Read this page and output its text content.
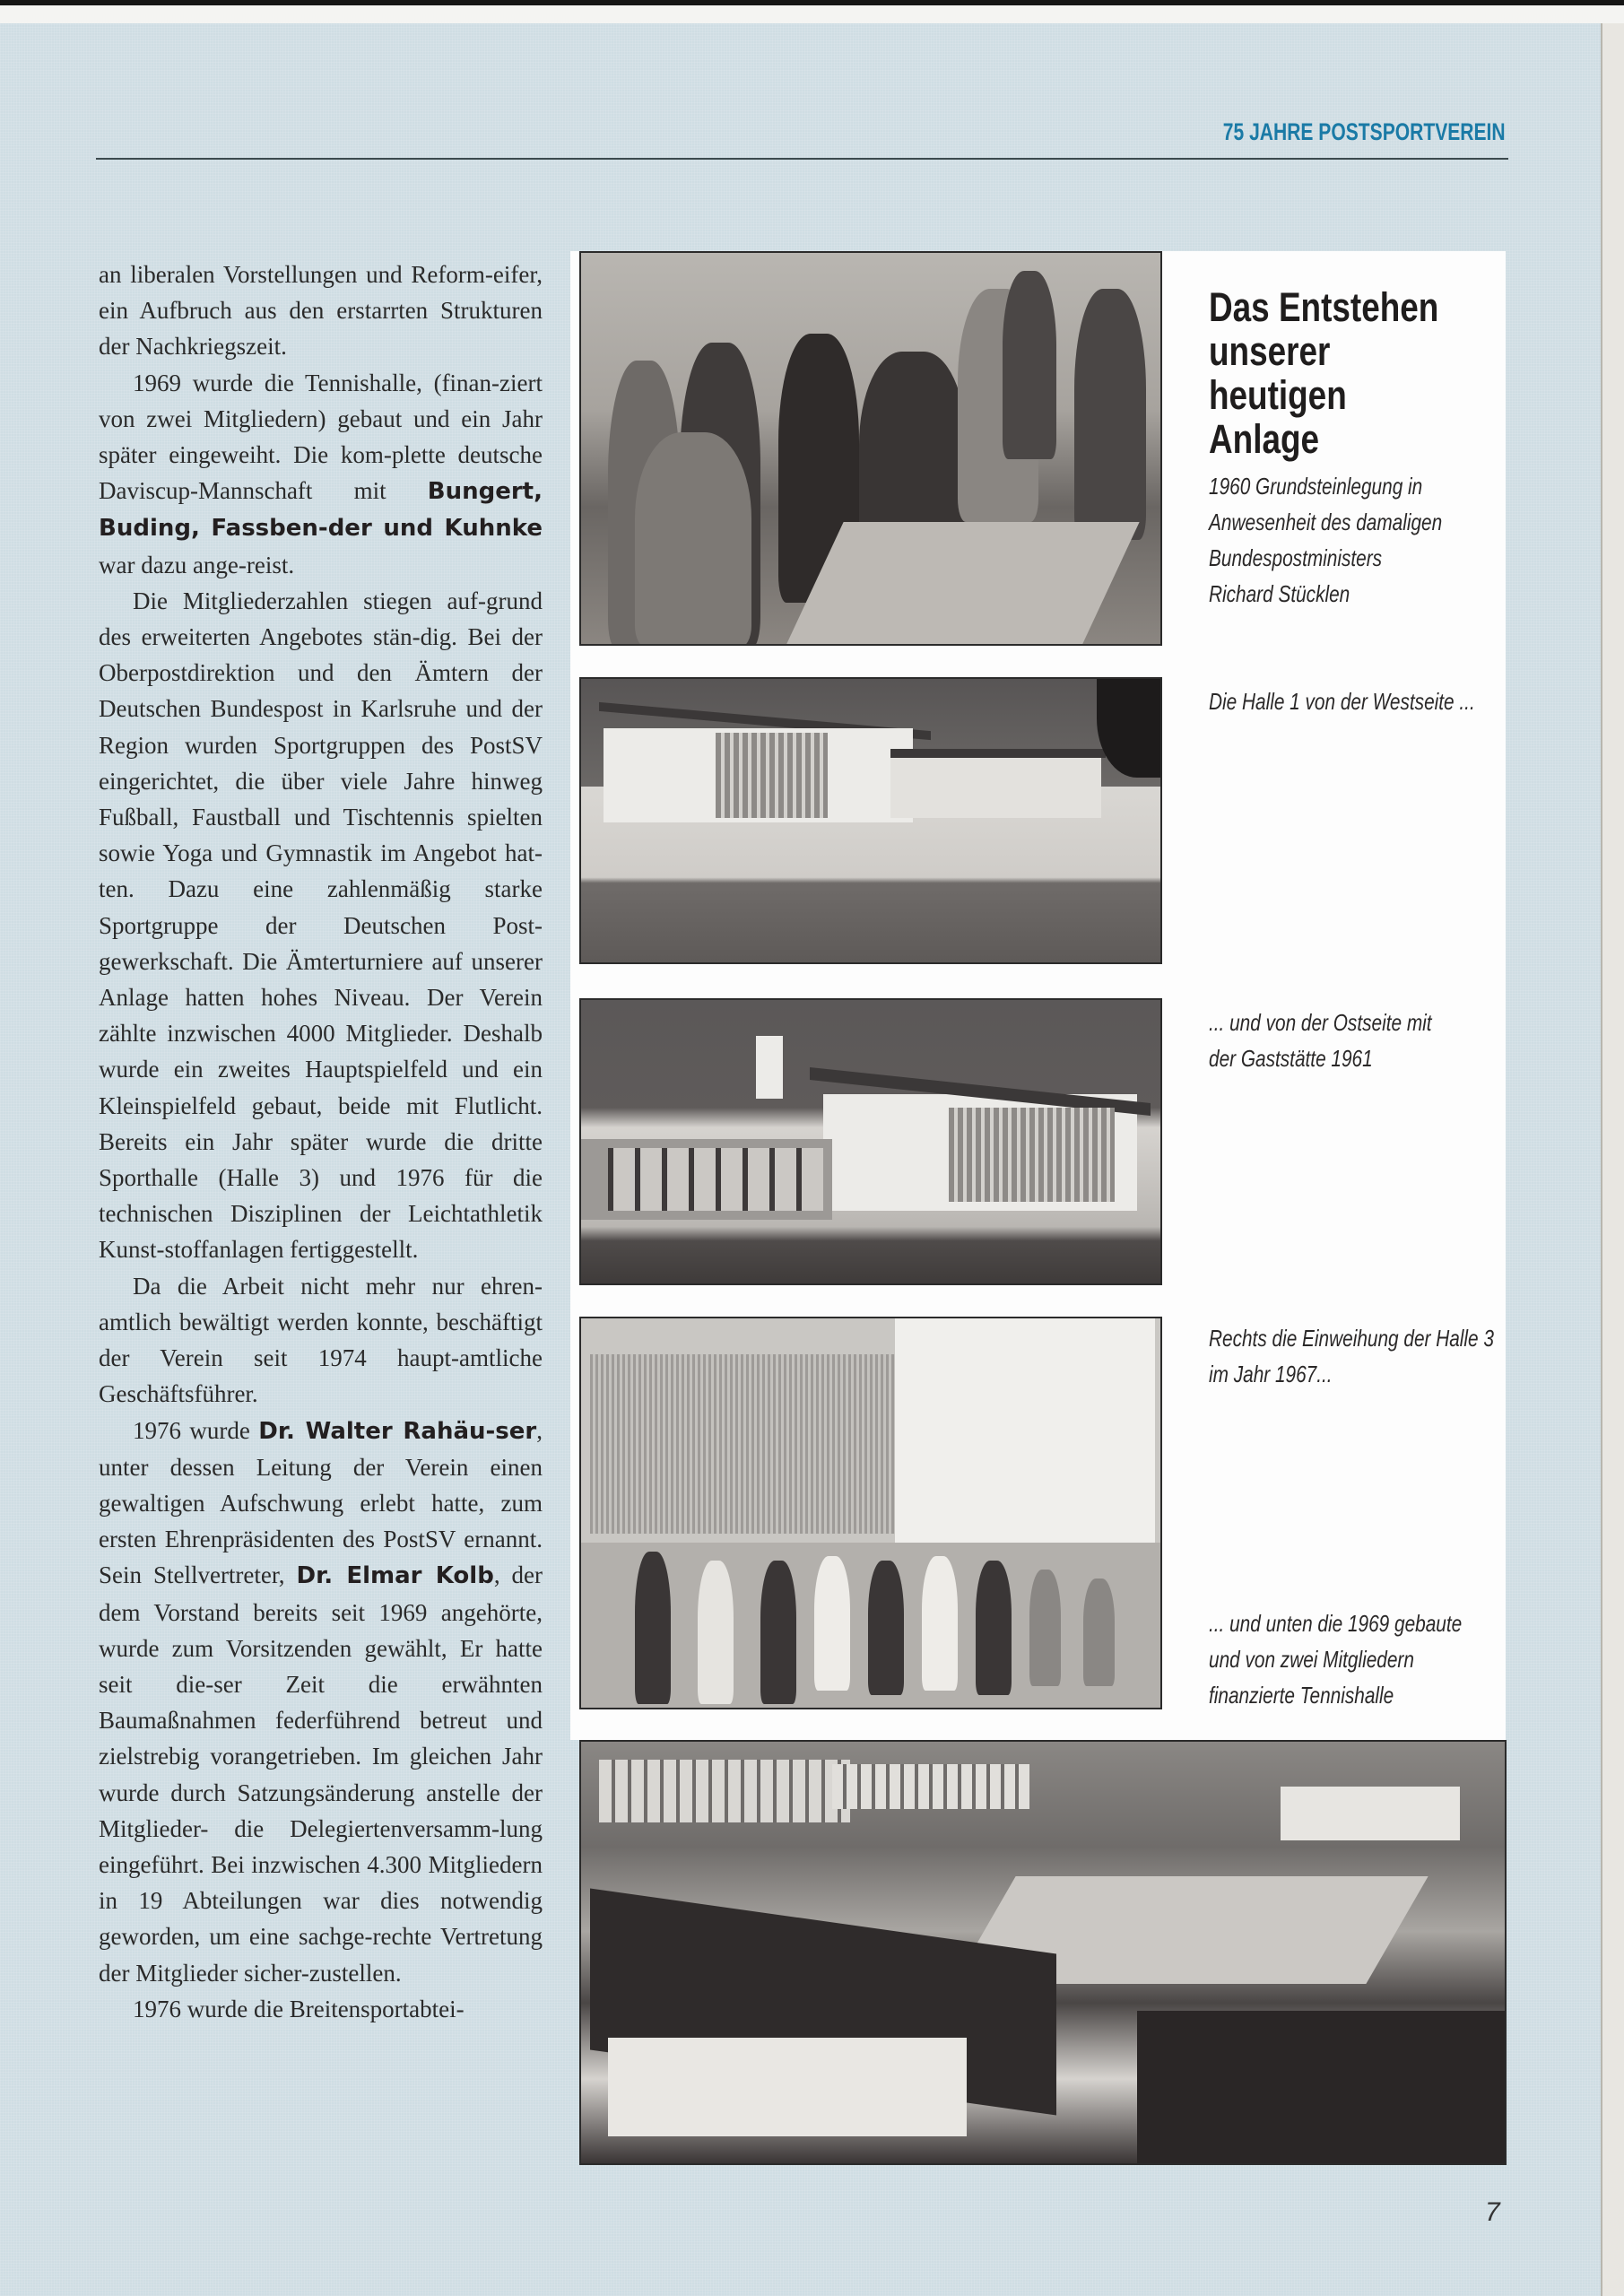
75 JAHRE POSTSPORTVEREIN

an liberalen Vorstellungen und Reform-eifer, ein Aufbruch aus den erstarrten Strukturen der Nachkriegszeit.

1969 wurde die Tennishalle, (finan-ziert von zwei Mitgliedern) gebaut und ein Jahr später eingeweiht. Die kom-plette deutsche Daviscup-Mannschaft mit Bungert, Buding, Fassben-der und Kuhnke war dazu ange-reist.

Die Mitgliederzahlen stiegen auf-grund des erweiterten Angebotes stän-dig. Bei der Oberpostdirektion und den Ämtern der Deutschen Bundespost in Karlsruhe und der Region wurden Sportgruppen des PostSV eingerichtet, die über viele Jahre hinweg Fußball, Faustball und Tischtennis spielten sowie Yoga und Gymnastik im Angebot hat-ten. Dazu eine zahlenmäßig starke Sportgruppe der Deutschen Post-gewerkschaft. Die Ämterturniere auf unserer Anlage hatten hohes Niveau. Der Verein zählte inzwischen 4000 Mitglieder. Deshalb wurde ein zweites Hauptspielfeld und ein Kleinspielfeld gebaut, beide mit Flutlicht. Bereits ein Jahr später wurde die dritte Sporthalle (Halle 3) und 1976 für die technischen Disziplinen der Leichtathletik Kunst-stoffanlagen fertiggestellt.

Da die Arbeit nicht mehr nur ehren-amtlich bewältigt werden konnte, beschäftigt der Verein seit 1974 haupt-amtliche Geschäftsführer.

1976 wurde Dr. Walter Rahäu-ser, unter dessen Leitung der Verein einen gewaltigen Aufschwung erlebt hatte, zum ersten Ehrenpräsidenten des PostSV ernannt. Sein Stellvertreter, Dr. Elmar Kolb, der dem Vorstand bereits seit 1969 angehörte, wurde zum Vorsitzenden gewählt, Er hatte seit die-ser Zeit die erwähnten Baumaßnahmen federführend betreut und zielstrebig vorangetrieben. Im gleichen Jahr wurde durch Satzungsänderung anstelle der Mitglieder- die Delegiertenversamm-lung eingeführt. Bei inzwischen 4.300 Mitgliedern in 19 Abteilungen war dies notwendig geworden, um eine sachge-rechte Vertretung der Mitglieder sicher-zustellen.

1976 wurde die Breitensportabtei-

Das Entstehen unserer heutigen Anlage
1960 Grundsteinlegung in
Anwesenheit des damaligen
Bundespostministers
Richard Stücklen
Die Halle 1 von der Westseite ...
... und von der Ostseite mit
der Gaststätte 1961
Rechts die Einweihung der Halle 3
im Jahr 1967...
... und unten die 1969 gebaute
und von zwei Mitgliedern
finanzierte Tennishalle
7
